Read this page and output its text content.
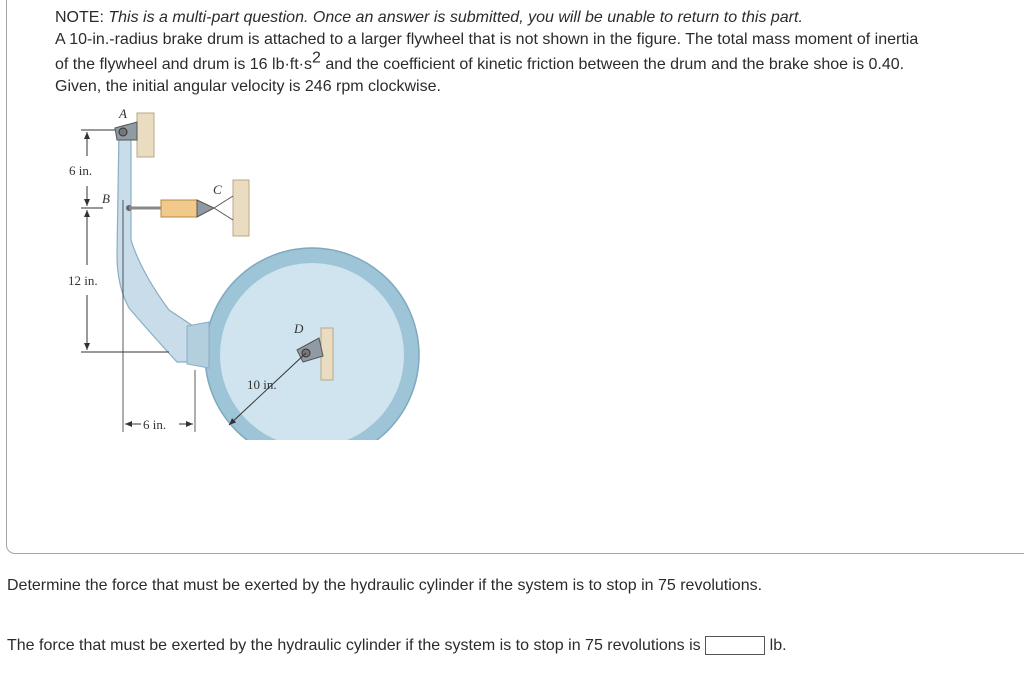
NOTE: This is a multi-part question. Once an answer is submitted, you will be unable to return to this part.

A 10-in.-radius brake drum is attached to a larger flywheel that is not shown in the figure. The total mass moment of inertia

of the flywheel and drum is 16 $lb\cdot ft\cdot s^2$ and the coefficient of kinetic friction between the drum and the brake shoe is 0.40.

Given, the initial angular velocity is 246 rpm clockwise.

A
B
C
D
6 in.
12 in.
6 in.
10 in.

Determine the force that must be exerted by the hydraulic cylinder if the system is to stop in 75 revolutions.

The force that must be exerted by the hydraulic cylinder if the system is to stop in 75 revolutions is	lb.
